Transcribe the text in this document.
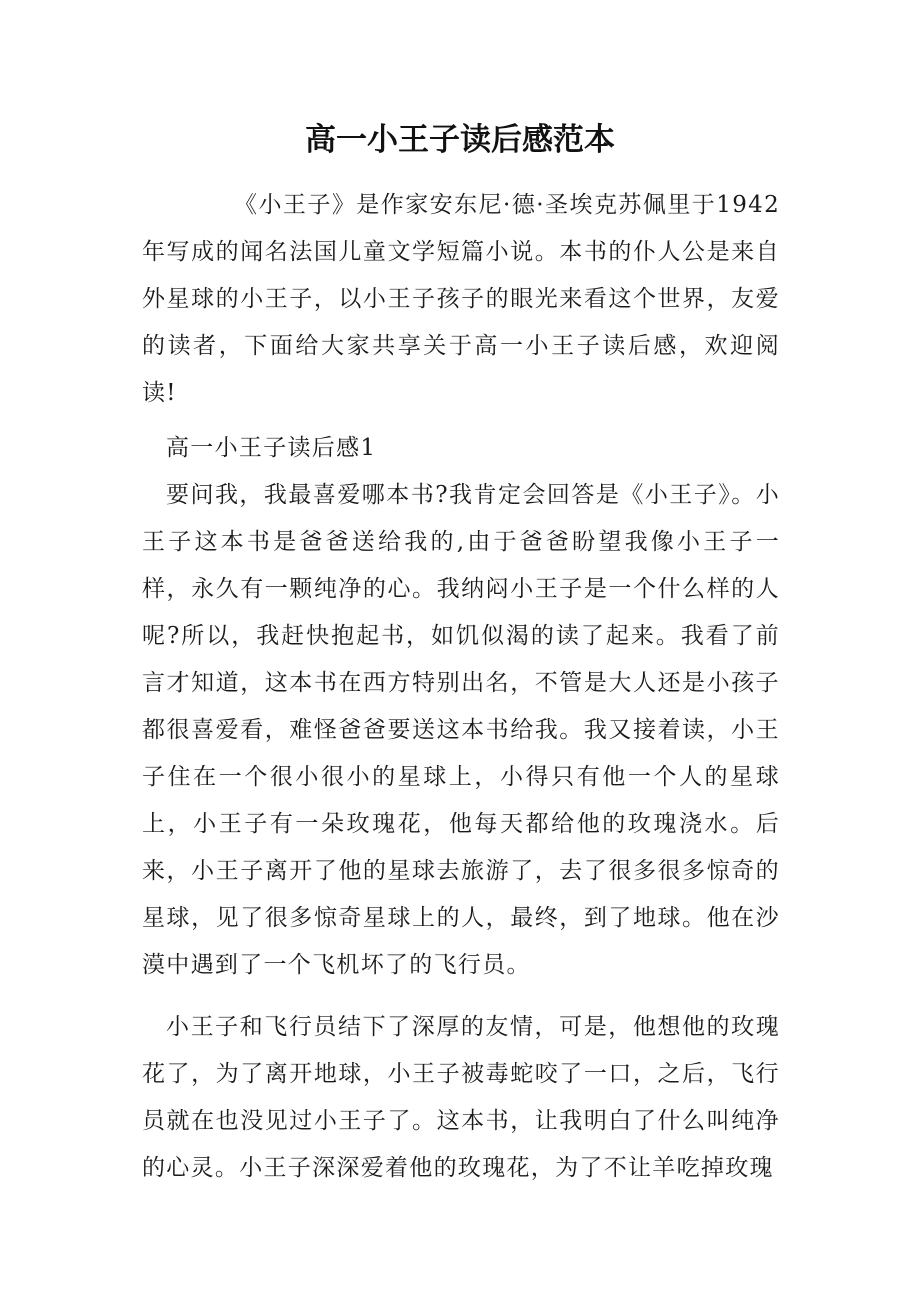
高一小王子读后感范本

《小王子》是作家安东尼·德·圣埃克苏佩里于1942年写成的闻名法国儿童文学短篇小说。本书的仆人公是来自外星球的小王子，以小王子孩子的眼光来看这个世界，友爱的读者，下面给大家共享关于高一小王子读后感，欢迎阅读!

高一小王子读后感1

要问我，我最喜爱哪本书?我肯定会回答是《小王子》。小王子这本书是爸爸送给我的,由于爸爸盼望我像小王子一样，永久有一颗纯净的心。我纳闷小王子是一个什么样的人呢?所以，我赶快抱起书，如饥似渴的读了起来。我看了前言才知道，这本书在西方特别出名，不管是大人还是小孩子都很喜爱看，难怪爸爸要送这本书给我。我又接着读，小王子住在一个很小很小的星球上，小得只有他一个人的星球上，小王子有一朵玫瑰花，他每天都给他的玫瑰浇水。后来，小王子离开了他的星球去旅游了，去了很多很多惊奇的星球，见了很多惊奇星球上的人，最终，到了地球。他在沙漠中遇到了一个飞机坏了的飞行员。

小王子和飞行员结下了深厚的友情，可是，他想他的玫瑰花了，为了离开地球，小王子被毒蛇咬了一口，之后，飞行员就在也没见过小王子了。这本书，让我明白了什么叫纯净的心灵。小王子深深爱着他的玫瑰花，为了不让羊吃掉玫瑰
